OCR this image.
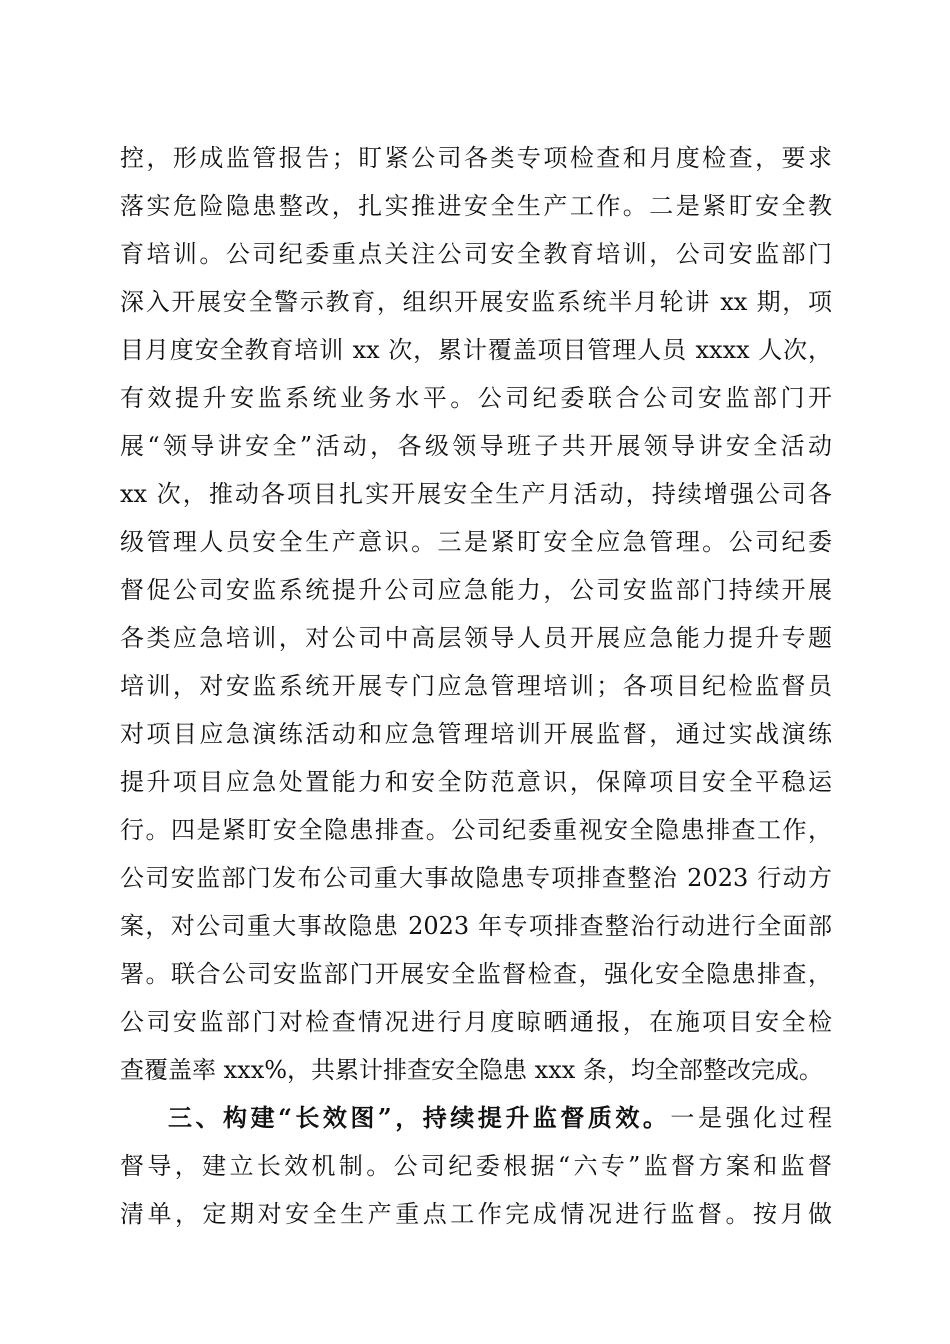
控，形成监管报告；盯紧公司各类专项检查和月度检查，要求
落实危险隐患整改，扎实推进安全生产工作。二是紧盯安全教
育培训。公司纪委重点关注公司安全教育培训，公司安监部门
深入开展安全警示教育，组织开展安监系统半月轮讲 xx 期，项
目月度安全教育培训 xx 次，累计覆盖项目管理人员 xxxx 人次，
有效提升安监系统业务水平。公司纪委联合公司安监部门开
展“领导讲安全”活动，各级领导班子共开展领导讲安全活动
xx 次，推动各项目扎实开展安全生产月活动，持续增强公司各
级管理人员安全生产意识。三是紧盯安全应急管理。公司纪委
督促公司安监系统提升公司应急能力，公司安监部门持续开展
各类应急培训，对公司中高层领导人员开展应急能力提升专题
培训，对安监系统开展专门应急管理培训；各项目纪检监督员
对项目应急演练活动和应急管理培训开展监督，通过实战演练
提升项目应急处置能力和安全防范意识，保障项目安全平稳运
行。四是紧盯安全隐患排查。公司纪委重视安全隐患排查工作，
公司安监部门发布公司重大事故隐患专项排查整治 2023 行动方
案，对公司重大事故隐患 2023 年专项排查整治行动进行全面部
署。联合公司安监部门开展安全监督检查，强化安全隐患排查，
公司安监部门对检查情况进行月度晾晒通报，在施项目安全检
查覆盖率 xxx%，共累计排查安全隐患 xxx 条，均全部整改完成。
三、构建“长效图”，持续提升监督质效。一是强化过程
督导，建立长效机制。公司纪委根据“六专”监督方案和监督
清单，定期对安全生产重点工作完成情况进行监督。按月做
